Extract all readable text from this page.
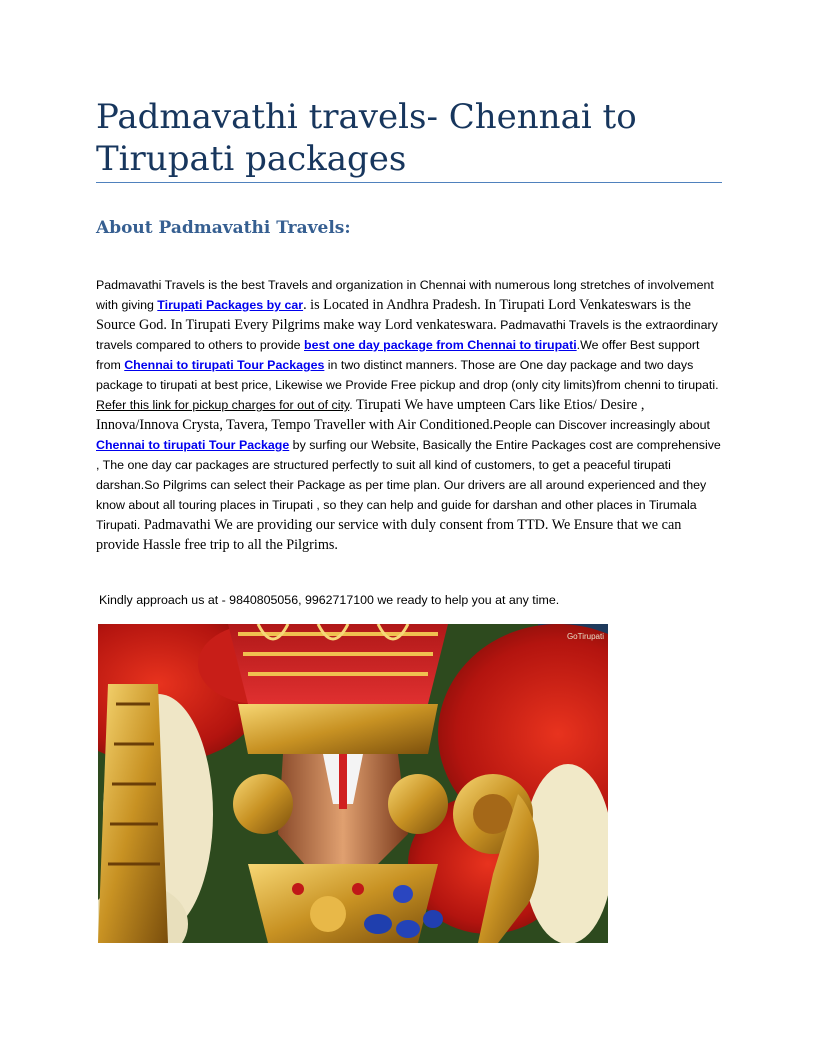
Padmavathi travels- Chennai to Tirupati packages
About Padmavathi Travels:

Padmavathi Travels is the best Travels and organization in Chennai with numerous long stretches of involvement with giving Tirupati Packages by car. is Located in Andhra Pradesh. In Tirupati Lord Venkateswars is the Source God. In Tirupati Every Pilgrims make way Lord venkateswara. Padmavathi Travels is the extraordinary travels compared to others to provide best one day package from Chennai to tirupati.We offer Best support from Chennai to tirupati Tour Packages in two distinct manners. Those are One day package and two days package to tirupati at best price, Likewise we Provide Free pickup and drop (only city limits)from chenni to tirupati. Refer this link for pickup charges for out of city. Tirupati We have umpteen Cars like Etios/ Desire , Innova/Innova Crysta, Tavera, Tempo Traveller with Air Conditioned.People can Discover increasingly about Chennai to tirupati Tour Package by surfing our Website, Basically the Entire Packages cost are comprehensive , The one day car packages are structured perfectly to suit all kind of customers, to get a peaceful tirupati darshan.So Pilgrims can select their Package as per time plan. Our drivers are all around experienced and they know about all touring places in Tirupati , so they can help and guide for darshan and other places in Tirumala Tirupati. Padmavathi We are providing our service with duly consent from TTD. We Ensure that we can provide Hassle free trip to all the Pilgrims.

Kindly approach us at - 9840805056, 9962717100 we ready to help you at any time.

GoTirupati
